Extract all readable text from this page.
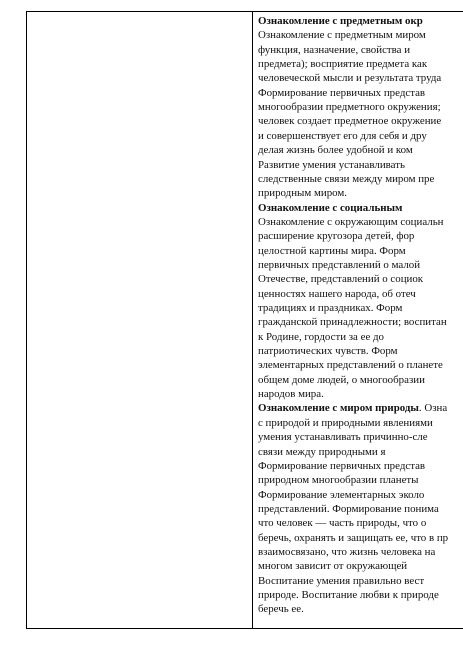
Ознакомление с предметным окр
Ознакомление с предметным миром
функция, назначение, свойства и
предмета); восприятие предмета как
человеческой мысли и результата труда
Формирование первичных представ
многообразии предметного окружения;
человек создает предметное окружение
и совершенствует его для себя и дру
делая жизнь более удобной и ком
Развитие умения устанавливать
следственные связи между миром пре
природным миром.
Ознакомление с социальным
Ознакомление с окружающим социальн
расширение кругозора детей, фор
целостной картины мира. Форм
первичных представлений о малой
Отечестве, представлений о социок
ценностях нашего народа, об отеч
традициях и праздниках. Форм
гражданской принадлежности; воспитан
к Родине, гордости за ее до
патриотических чувств. Форм
элементарных представлений о планете
общем доме людей, о многообразии
народов мира.
Ознакомление с миром природы. Озна
с природой и природными явлениями
умения устанавливать причинно-сле
связи между природными я
Формирование первичных представ
природном многообразии планеты
Формирование элементарных эколо
представлений. Формирование понима
что человек — часть природы, что о
беречь, охранять и защищать ее, что в пр
взаимосвязано, что жизнь человека на
многом зависит от окружающей
Воспитание умения правильно вест
природе. Воспитание любви к природе
беречь ее.
